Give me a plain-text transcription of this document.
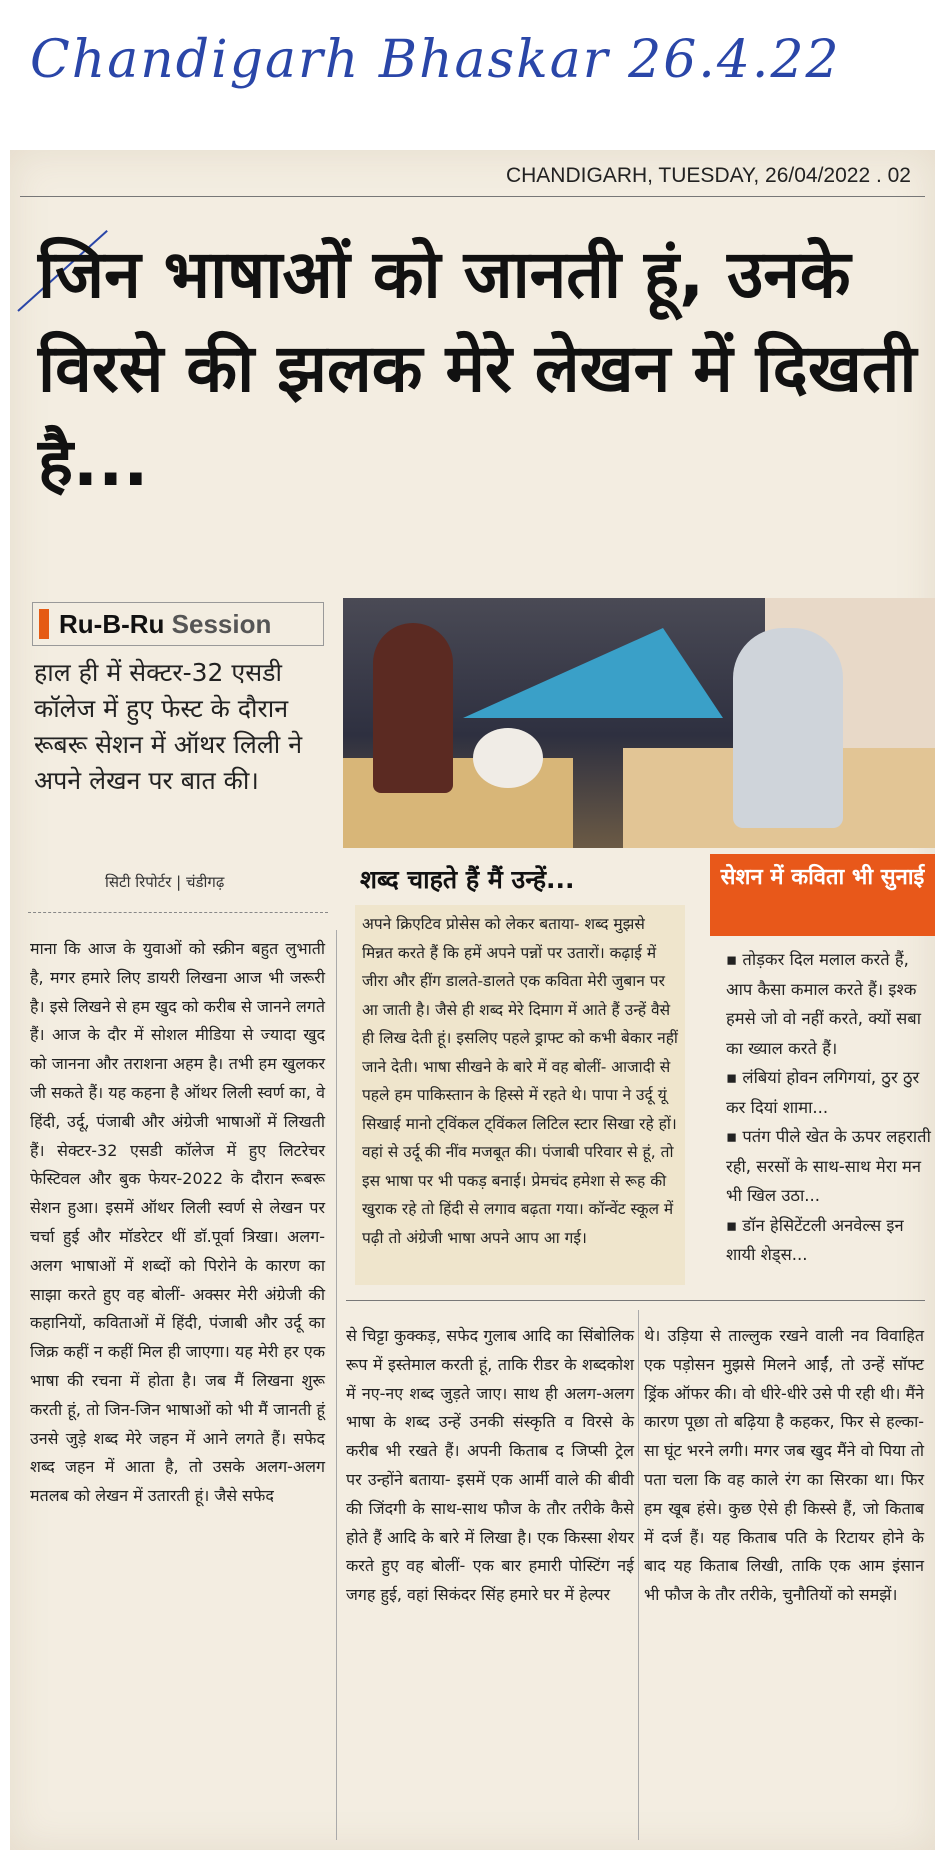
Chandigarh Bhaskar 26.4.22
CHANDIGARH, TUESDAY, 26/04/2022 . 02
जिन भाषाओं को जानती हूं, उनके विरसे की झलक मेरे लेखन में दिखती है...
Ru-B-Ru Session

हाल ही में सेक्टर-32 एसडी कॉलेज में हुए फेस्ट के दौरान रूबरू सेशन में ऑथर लिली ने अपने लेखन पर बात की।

सिटी रिपोर्टर | चंडीगढ़	शब्द चाहते हैं मैं उन्हें...

अपने क्रिएटिव प्रोसेस को लेकर बताया- शब्द मुझसे मिन्नत करते हैं कि हमें अपने पन्नों पर उतारों। कढ़ाई में जीरा और हींग डालते-डालते एक कविता मेरी जुबान पर आ जाती है। जैसे ही शब्द मेरे दिमाग में आते हैं उन्हें वैसे ही लिख देती हूं। इसलिए पहले ड्राफ्ट को कभी बेकार नहीं जाने देती। भाषा सीखने के बारे में वह बोलीं- आजादी से पहले हम पाकिस्तान के हिस्से में रहते थे। पापा ने उर्दू यूं सिखाई मानो ट्विंकल ट्विंकल लिटिल स्टार सिखा रहे हों। वहां से उर्दू की नींव मजबूत की। पंजाबी परिवार से हूं, तो इस भाषा पर भी पकड़ बनाई। प्रेमचंद हमेशा से रूह की खुराक रहे तो हिंदी से लगाव बढ़ता गया। कॉन्वेंट स्कूल में पढ़ी तो अंग्रेजी भाषा अपने आप आ गई।

सेशन में कविता भी सुनाई
▪ तोड़कर दिल मलाल करते हैं, आप कैसा कमाल करते हैं। इश्क हमसे जो वो नहीं करते, क्यों सबा का ख्याल करते हैं।
▪ लंबियां होवन लगिगयां, ठुर ठुर कर दियां शामा...
▪ पतंग पीले खेत के ऊपर लहराती रही, सरसों के साथ-साथ मेरा मन भी खिल उठा...
▪ डॉन हेसिटेंटली अनवेल्स इन शायी शेड्स...

माना कि आज के युवाओं को स्क्रीन बहुत लुभाती है, मगर हमारे लिए डायरी लिखना आज भी जरूरी है। इसे लिखने से हम खुद को करीब से जानने लगते हैं। आज के दौर में सोशल मीडिया से ज्यादा खुद को जानना और तराशना अहम है। तभी हम खुलकर जी सकते हैं। यह कहना है ऑथर लिली स्वर्ण का, वे हिंदी, उर्दू, पंजाबी और अंग्रेजी भाषाओं में लिखती हैं। सेक्टर-32 एसडी कॉलेज में हुए लिटरेचर फेस्टिवल और बुक फेयर-2022 के दौरान रूबरू सेशन हुआ। इसमें ऑथर लिली स्वर्ण से लेखन पर चर्चा हुई और मॉडरेटर थीं डॉ.पूर्वा त्रिखा। अलग-अलग भाषाओं में शब्दों को पिरोने के कारण का साझा करते हुए वह बोलीं- अक्सर मेरी अंग्रेजी की कहानियों, कविताओं में हिंदी, पंजाबी और उर्दू का जिक्र कहीं न कहीं मिल ही जाएगा। यह मेरी हर एक भाषा की रचना में होता है। जब मैं लिखना शुरू करती हूं, तो जिन-जिन भाषाओं को भी मैं जानती हूं उनसे जुड़े शब्द मेरे जहन में आने लगते हैं। सफेद शब्द जहन में आता है, तो उसके अलग-अलग मतलब को लेखन में उतारती हूं। जैसे सफेद

से चिट्टा कुक्कड़, सफेद गुलाब आदि का सिंबोलिक रूप में इस्तेमाल करती हूं, ताकि रीडर के शब्दकोश में नए-नए शब्द जुड़ते जाए। साथ ही अलग-अलग भाषा के शब्द उन्हें उनकी संस्कृति व विरसे के करीब भी रखते हैं। अपनी किताब द जिप्सी ट्रेल पर उन्होंने बताया- इसमें एक आर्मी वाले की बीवी की जिंदगी के साथ-साथ फौज के तौर तरीके कैसे होते हैं आदि के बारे में लिखा है। एक किस्सा शेयर करते हुए वह बोलीं- एक बार हमारी पोस्टिंग नई जगह हुई, वहां सिकंदर सिंह हमारे घर में हेल्पर

थे। उड़िया से ताल्लुक रखने वाली नव विवाहित एक पड़ोसन मुझसे मिलने आईं, तो उन्हें सॉफ्ट ड्रिंक ऑफर की। वो धीरे-धीरे उसे पी रही थी। मैंने कारण पूछा तो बढ़िया है कहकर, फिर से हल्का-सा घूंट भरने लगी। मगर जब खुद मैंने वो पिया तो पता चला कि वह काले रंग का सिरका था। फिर हम खूब हंसे। कुछ ऐसे ही किस्से हैं, जो किताब में दर्ज हैं। यह किताब पति के रिटायर होने के बाद यह किताब लिखी, ताकि एक आम इंसान भी फौज के तौर तरीके, चुनौतियों को समझें।
